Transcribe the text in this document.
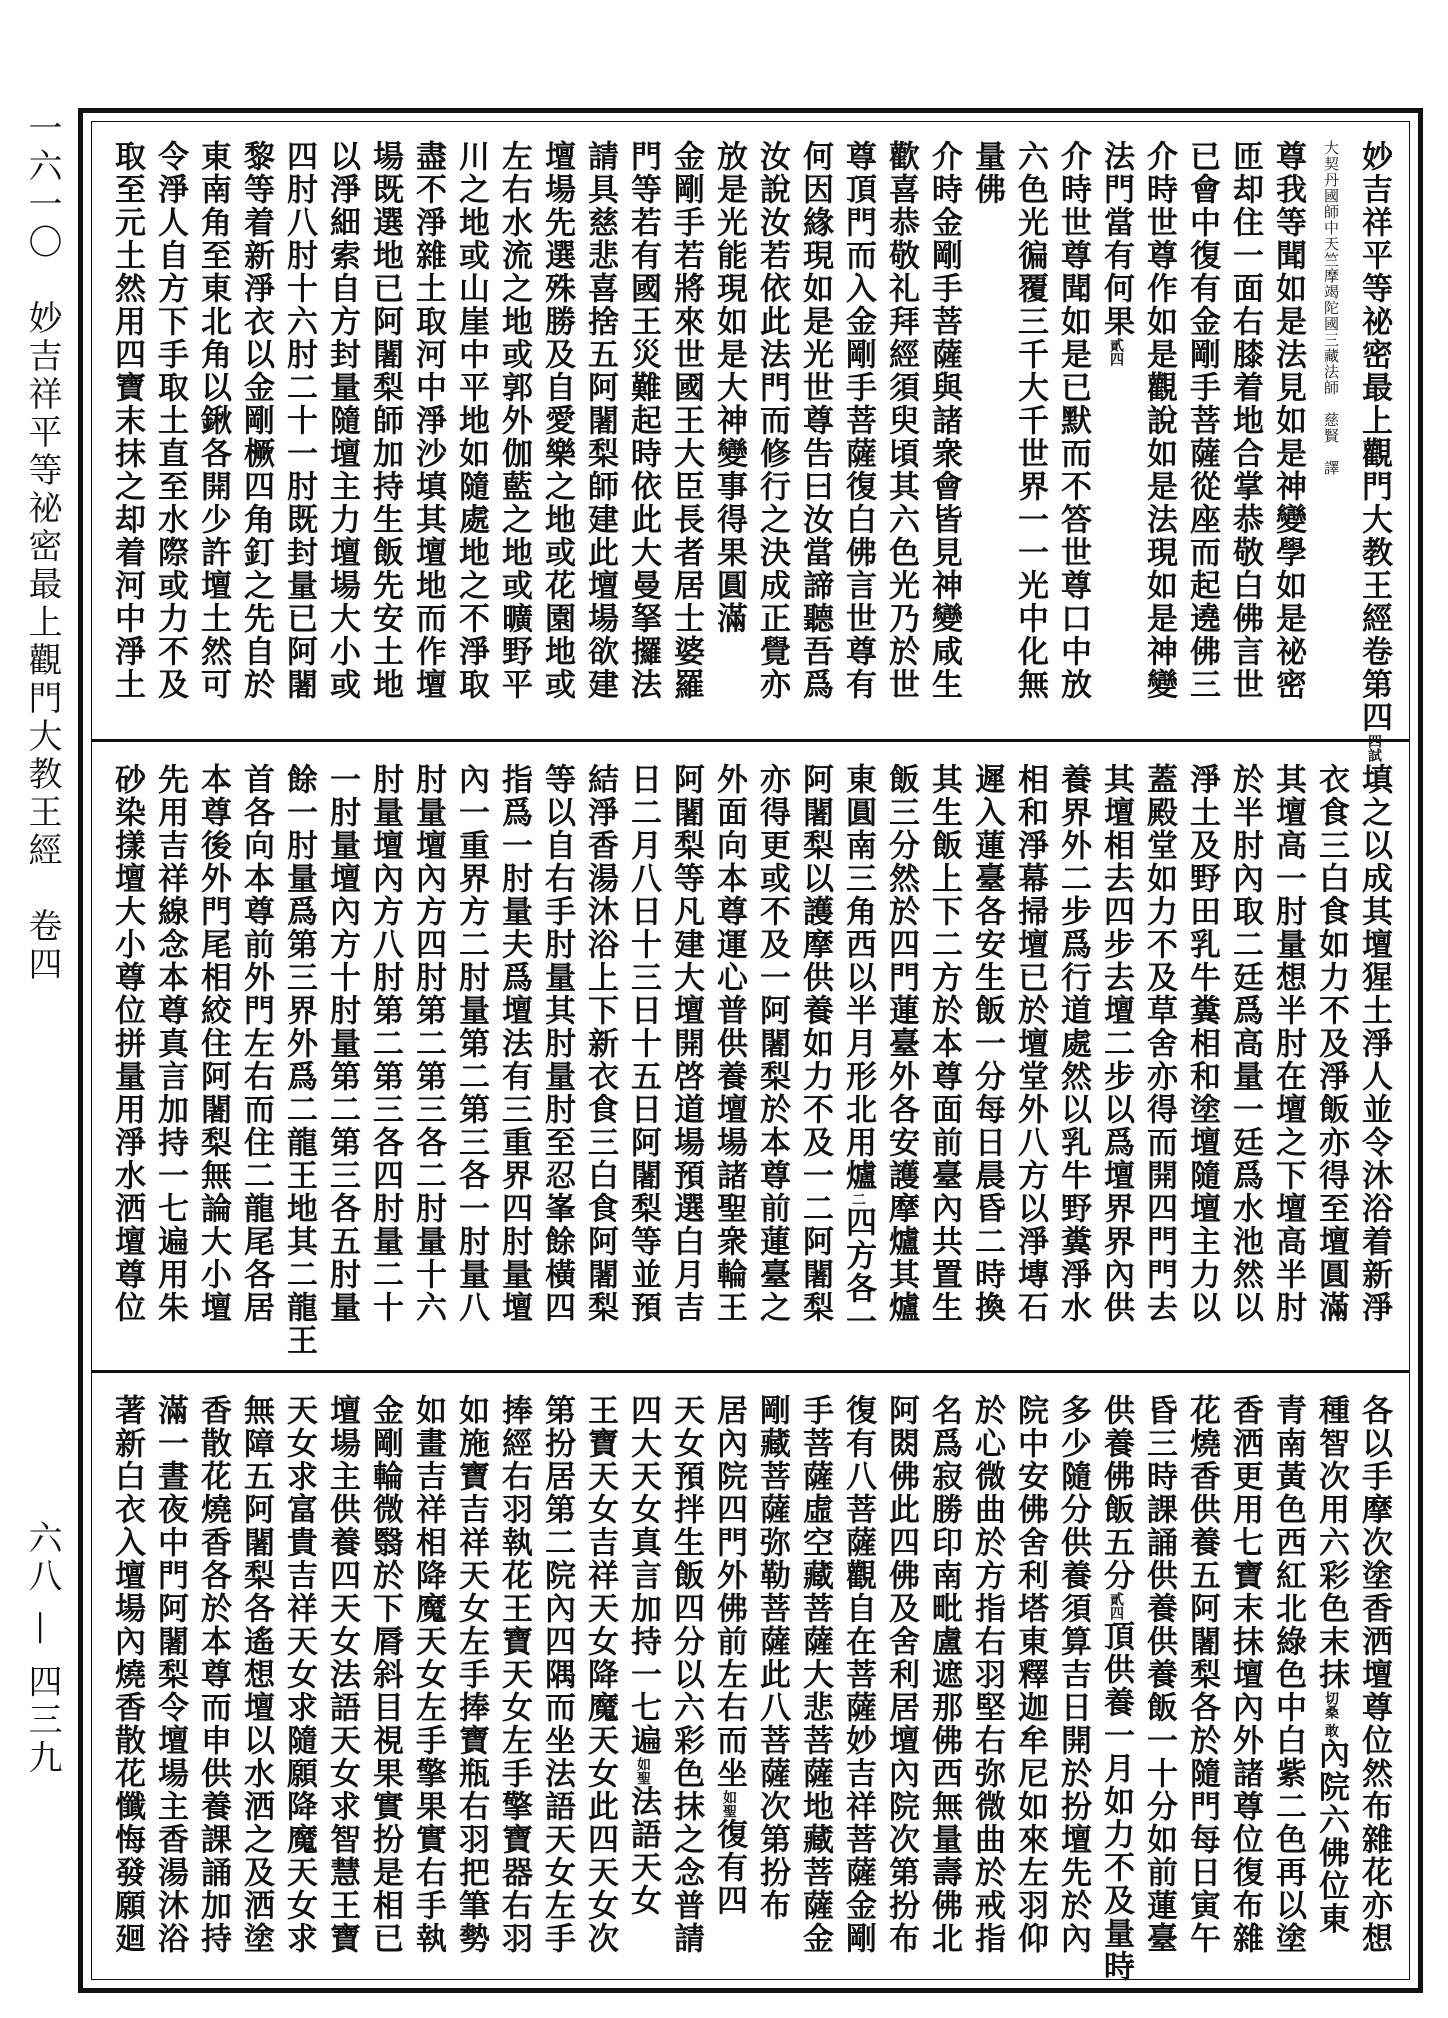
一六一〇　妙吉祥平等祕密最上觀門大教王經　卷四
六八 — 四三九
妙吉祥平等祕密最上觀門大教王經卷第四四試
大契丹國師中天竺摩竭陀國三藏法師　慈賢　譯
尊我等聞如是法見如是神變學如是祕密
匝却住一面右膝着地合掌恭敬白佛言世
已會中復有金剛手菩薩從座而起遶佛三
介時世尊作如是觀說如是法現如是神變
法門當有何果貳四
介時世尊聞如是已默而不答世尊口中放
六色光徧覆三千大千世界一一光中化無
量佛
介時金剛手菩薩與諸衆會皆見神變咸生
歡喜恭敬礼拜經須臾頃其六色光乃於世
尊頂門而入金剛手菩薩復白佛言世尊有
何因緣現如是光世尊告曰汝當諦聽吾爲
汝說汝若依此法門而修行之決成正覺亦
放是光能現如是大神變事得果圓滿
金剛手若將來世國王大臣長者居士婆羅
門等若有國王災難起時依此大曼拏攞法
請具慈悲喜捨五阿闍梨師建此壇場欲建
壇場先選殊勝及自愛樂之地或花園地或
左右水流之地或郭外伽藍之地或曠野平
川之地或山崖中平地如隨處地之不淨取
盡不淨雜土取河中淨沙填其壇地而作壇
場既選地已阿闍梨師加持生飯先安土地
以淨細索自方封量隨壇主力壇場大小或
四肘八肘十六肘二十一肘既封量已阿闍
黎等着新淨衣以金剛橛四角釘之先自於
東南角至東北角以鍬各開少許壇土然可
令淨人自方下手取土直至水際或力不及
取至元土然用四寶末抹之却着河中淨土
填之以成其壇猩土淨人並令沐浴着新淨
衣食三白食如力不及淨飯亦得至壇圓滿
其壇高一肘量想半肘在壇之下壇高半肘
於半肘內取二廷爲高量一廷爲水池然以
淨土及野田乳牛糞相和塗壇隨壇主力以
蓋殿堂如力不及草舍亦得而開四門門去
其壇相去四步去壇二步以爲壇界界內供
養界外二步爲行道處然以乳牛野糞淨水
相和淨幕掃壇已於壇堂外八方以淨塼石
遲入蓮臺各安生飯一分每日晨昏二時換
其生飯上下二方於本尊面前臺內共置生
飯三分然於四門蓮臺外各安護摩爐其爐
東圓南三角西以半月形北用爐二四方各一
阿闍梨以護摩供養如力不及一二阿闍梨
亦得更或不及一阿闍梨於本尊前蓮臺之
外面向本尊運心普供養壇場諸聖衆輪王
阿闍梨等凡建大壇開啓道場預選白月吉
日二月八日十三日十五日阿闍梨等並預
結淨香湯沐浴上下新衣食三白食阿闍梨
等以自右手肘量其肘量肘至忍峯餘橫四
指爲一肘量夫爲壇法有三重界四肘量壇
內一重界方二肘量第二第三各一肘量八
肘量壇內方四肘第二第三各二肘量十六
肘量壇內方八肘第二第三各四肘量二十
一肘量壇內方十肘量第二第三各五肘量
餘一肘量爲第三界外爲二龍王地其二龍王
首各向本尊前外門左右而住二龍尾各居
本尊後外門尾相絞住阿闍梨無論大小壇
先用吉祥線念本尊真言加持一七遍用朱
砂染㨾壇大小尊位拼量用淨水洒壇尊位
各以手摩次塗香洒壇尊位然布雜花亦想
種智次用六彩色末抹切桑 敢內院六佛位東
青南黃色西紅北綠色中白紫二色再以塗
香洒更用七寶末抹壇內外諸尊位復布雜
花燒香供養五阿闍梨各於隨門每日寅午
昏三時課誦供養供養飯一十分如前蓮臺
供養佛飯五分貳四頂供養一月如力不及量時
多少隨分供養須算吉日開於扮壇先於內
院中安佛舍利塔東釋迦牟尼如來左羽仰
於心微曲於方指右羽堅右弥微曲於戒指
名爲寂勝印南毗盧遮那佛西無量壽佛北
阿閦佛此四佛及舍利居壇內院次第扮布
復有八菩薩觀自在菩薩妙吉祥菩薩金剛
手菩薩虛空藏菩薩大悲菩薩地藏菩薩金
剛藏菩薩弥勒菩薩此八菩薩次第扮布
居內院四門外佛前左右而坐如聖復有四
天女預拌生飯四分以六彩色抹之念普請
四大天女真言加持一七遍如聖法語天女
王寶天女吉祥天女降魔天女此四天女次
第扮居第二院內四隅而坐法語天女左手
捧經右羽執花王寶天女左手擎寶器右羽
如施寶吉祥天女左手捧寶瓶右羽把筆勢
如畫吉祥相降魔天女左手擎果實右手執
金剛輪微翳於下脣斜目視果實扮是相已
壇場主供養四天女法語天女求智慧王寶
天女求富貴吉祥天女求隨願降魔天女求
無障五阿闍梨各遙想壇以水洒之及洒塗
香散花燒香各於本尊而申供養課誦加持
滿一晝夜中門阿闍梨令壇場主香湯沐浴
著新白衣入壇場內燒香散花懺悔發願廻
